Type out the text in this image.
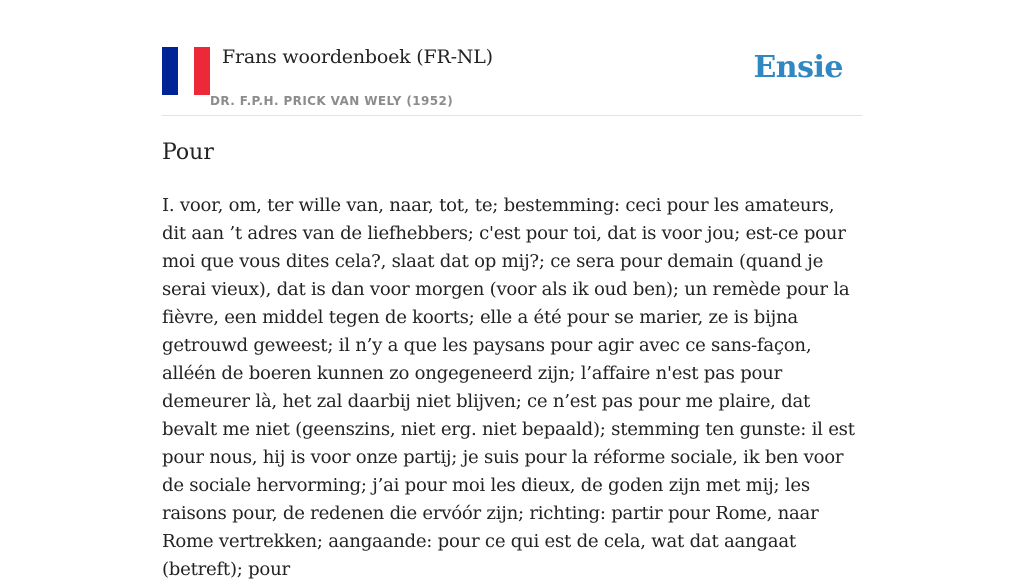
Frans woordenboek (FR-NL)
DR. F.P.H. PRICK VAN WELY (1952)
Ensie
Pour

I. voor, om, ter wille van, naar, tot, te; bestemming: ceci pour les amateurs, dit aan ’t adres van de liefhebbers; c'est pour toi, dat is voor jou; est-ce pour moi que vous dites cela?, slaat dat op mij?; ce sera pour demain (quand je serai vieux), dat is dan voor morgen (voor als ik oud ben); un remède pour la fièvre, een middel tegen de koorts; elle a été pour se marier, ze is bijna getrouwd geweest; il n’y a que les paysans pour agir avec ce sans-façon, alléén de boeren kunnen zo ongegeneerd zijn; l’affaire n'est pas pour demeurer là, het zal daarbij niet blijven; ce n’est pas pour me plaire, dat bevalt me niet (geenszins, niet erg. niet bepaald); stemming ten gunste: il est pour nous, hij is voor onze partij; je suis pour la réforme sociale, ik ben voor de sociale hervorming; j’ai pour moi les dieux, de goden zijn met mij; les raisons pour, de redenen die ervóór zijn; richting: partir pour Rome, naar Rome vertrekken; aangaande: pour ce qui est de cela, wat dat aangaat (betreft); pour
